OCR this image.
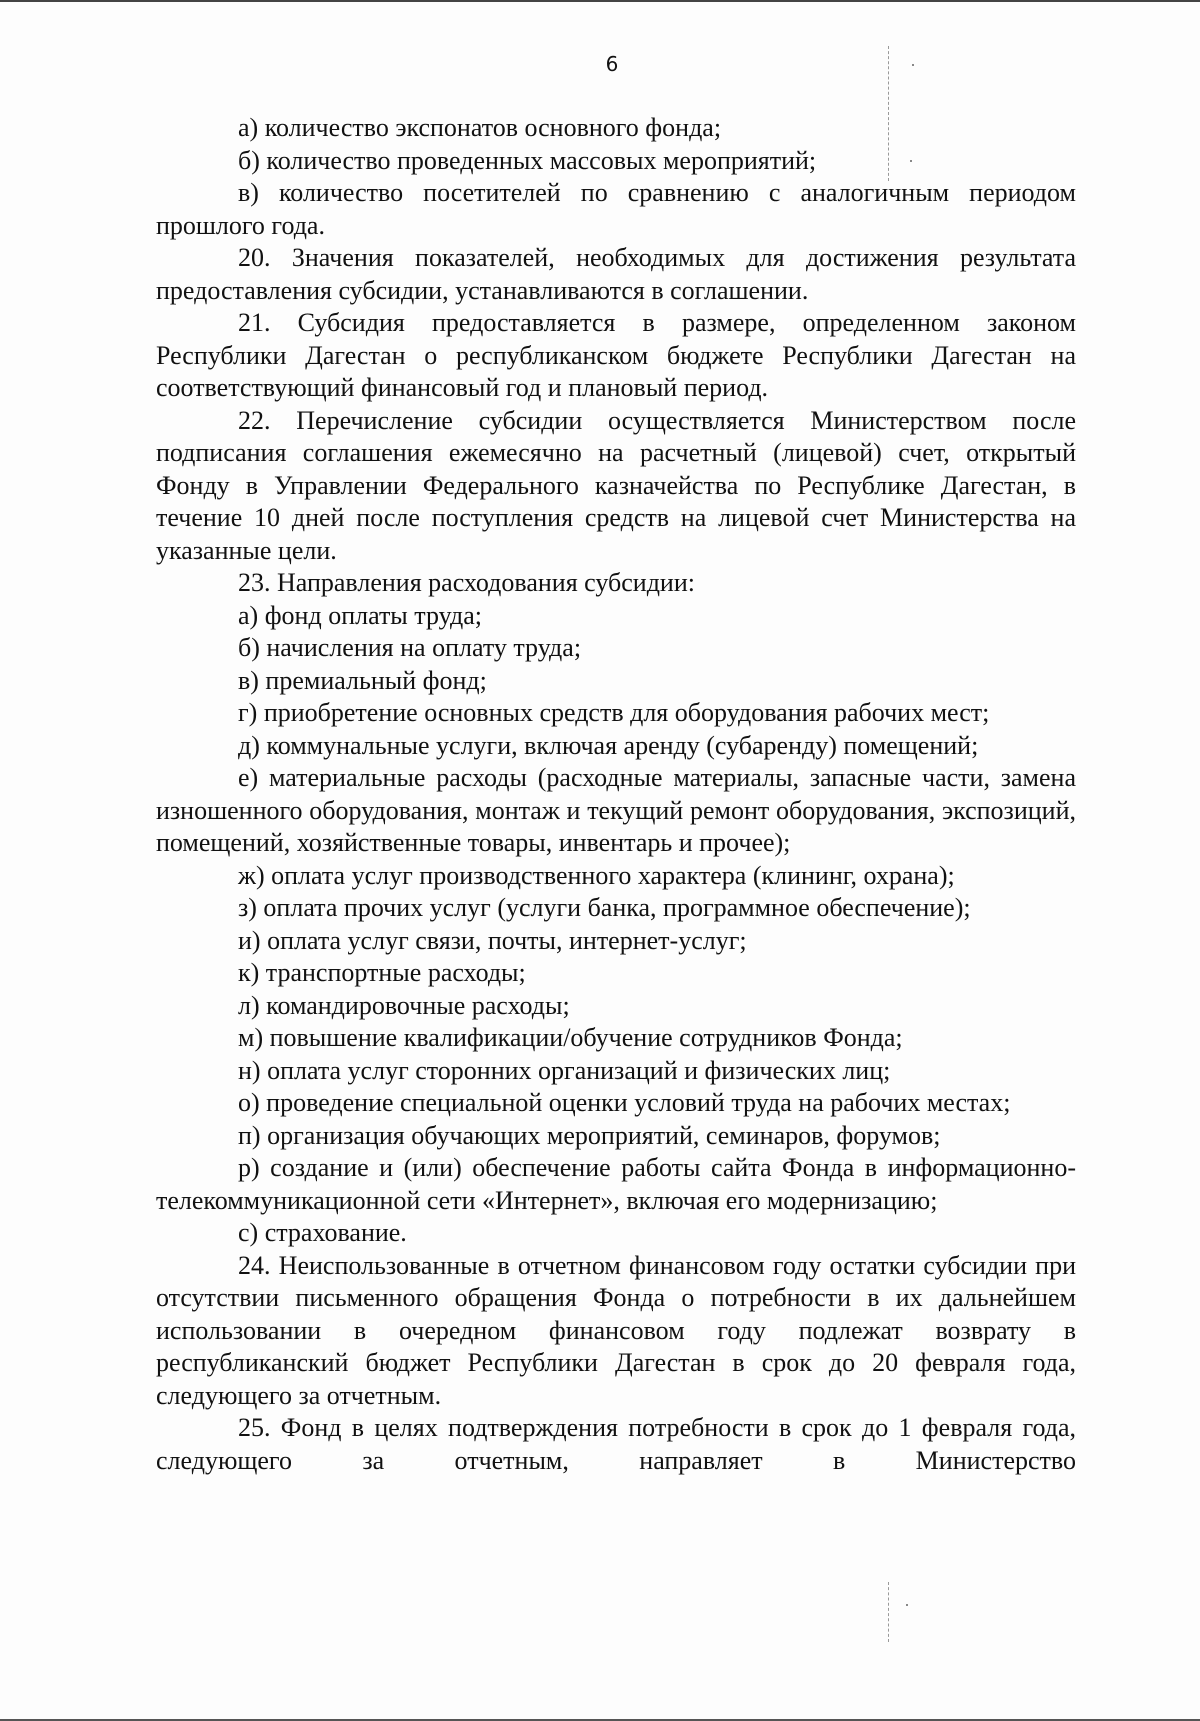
6

а) количество экспонатов основного фонда;

б) количество проведенных массовых мероприятий;

в) количество посетителей по сравнению с аналогичным периодом прошлого года.

20. Значения показателей, необходимых для достижения результата предоставления субсидии, устанавливаются в соглашении.

21. Субсидия предоставляется в размере, определенном законом Республики Дагестан о республиканском бюджете Республики Дагестан на соответствующий финансовый год и плановый период.

22. Перечисление субсидии осуществляется Министерством после подписания соглашения ежемесячно на расчетный (лицевой) счет, открытый Фонду в Управлении Федерального казначейства по Республике Дагестан, в течение 10 дней после поступления средств на лицевой счет Министерства на указанные цели.

23. Направления расходования субсидии:

а) фонд оплаты труда;

б) начисления на оплату труда;

в) премиальный фонд;

г) приобретение основных средств для оборудования рабочих мест;

д) коммунальные услуги, включая аренду (субаренду) помещений;

е) материальные расходы (расходные материалы, запасные части, замена изношенного оборудования, монтаж и текущий ремонт оборудования, экспозиций, помещений, хозяйственные товары, инвентарь и прочее);

ж) оплата услуг производственного характера (клининг, охрана);

з) оплата прочих услуг (услуги банка, программное обеспечение);

и) оплата услуг связи, почты, интернет-услуг;

к) транспортные расходы;

л) командировочные расходы;

м) повышение квалификации/обучение сотрудников Фонда;

н) оплата услуг сторонних организаций и физических лиц;

о) проведение специальной оценки условий труда на рабочих местах;

п) организация обучающих мероприятий, семинаров, форумов;

р) создание и (или) обеспечение работы сайта Фонда в информационно-телекоммуникационной сети «Интернет», включая его модернизацию;

с) страхование.

24. Неиспользованные в отчетном финансовом году остатки субсидии при отсутствии письменного обращения Фонда о потребности в их дальнейшем использовании в очередном финансовом году подлежат возврату в республиканский бюджет Республики Дагестан в срок до 20 февраля года, следующего за отчетным.

25. Фонд в целях подтверждения потребности в срок до 1 февраля года, следующего за отчетным, направляет в Министерство
